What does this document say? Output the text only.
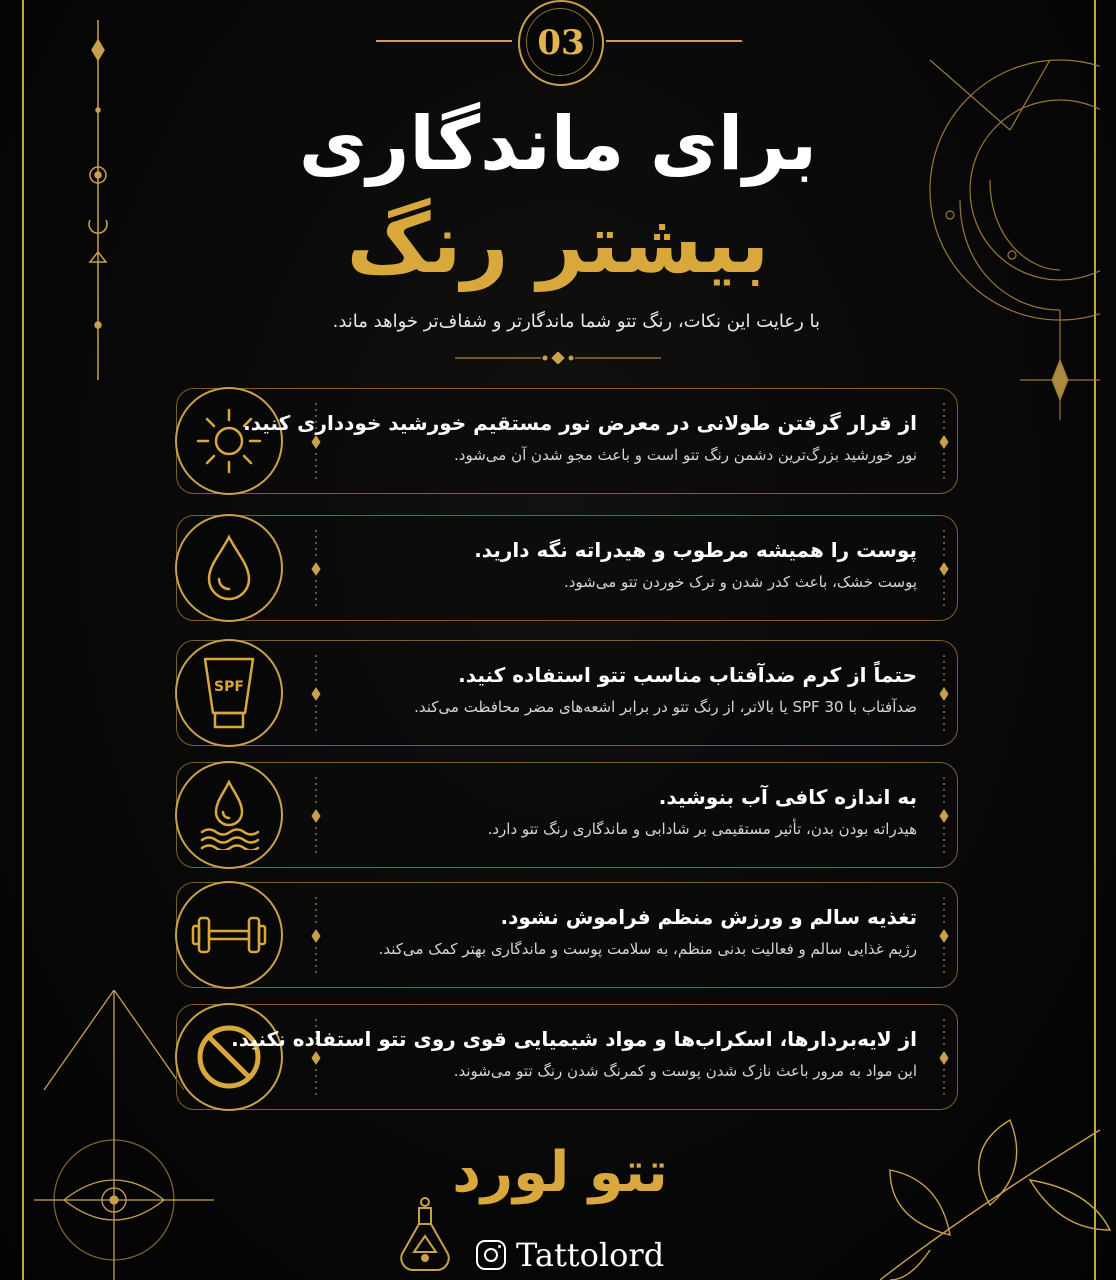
03
برای ماندگاری
بیشتر رنگ
با رعایت این نکات، رنگ تتو شما ماندگارتر و شفاف‌تر خواهد ماند.
از قرار گرفتن طولانی در معرض نور مستقیم خورشید خودداری کنید.
نور خورشید بزرگ‌ترین دشمن رنگ تتو است و باعث مجو شدن آن می‌شود.
پوست را همیشه مرطوب و هیدراته نگه دارید.
پوست خشک، باعث کدر شدن و ترک خوردن تتو می‌شود.
SPF	حتماً از کرم ضدآفتاب مناسب تتو استفاده کنید.
ضدآفتاب با SPF 30 یا بالاتر، از رنگ تتو در برابر اشعه‌های مضر محافظت می‌کند.
به اندازه کافی آب بنوشید.
هیدراته بودن بدن، تأثیر مستقیمی بر شادابی و ماندگاری رنگ تتو دارد.
تغذیه سالم و ورزش منظم فراموش نشود.
رژیم غذایی سالم و فعالیت بدنی منظم، به سلامت پوست و ماندگاری بهتر کمک می‌کند.
از لایه‌بردارها، اسکراب‌ها و مواد شیمیایی قوی روی تتو استفاده نکنید.
این مواد به مرور باعث نازک شدن پوست و کمرنگ شدن رنگ تتو می‌شوند.
تتو لورد
Tattolord
